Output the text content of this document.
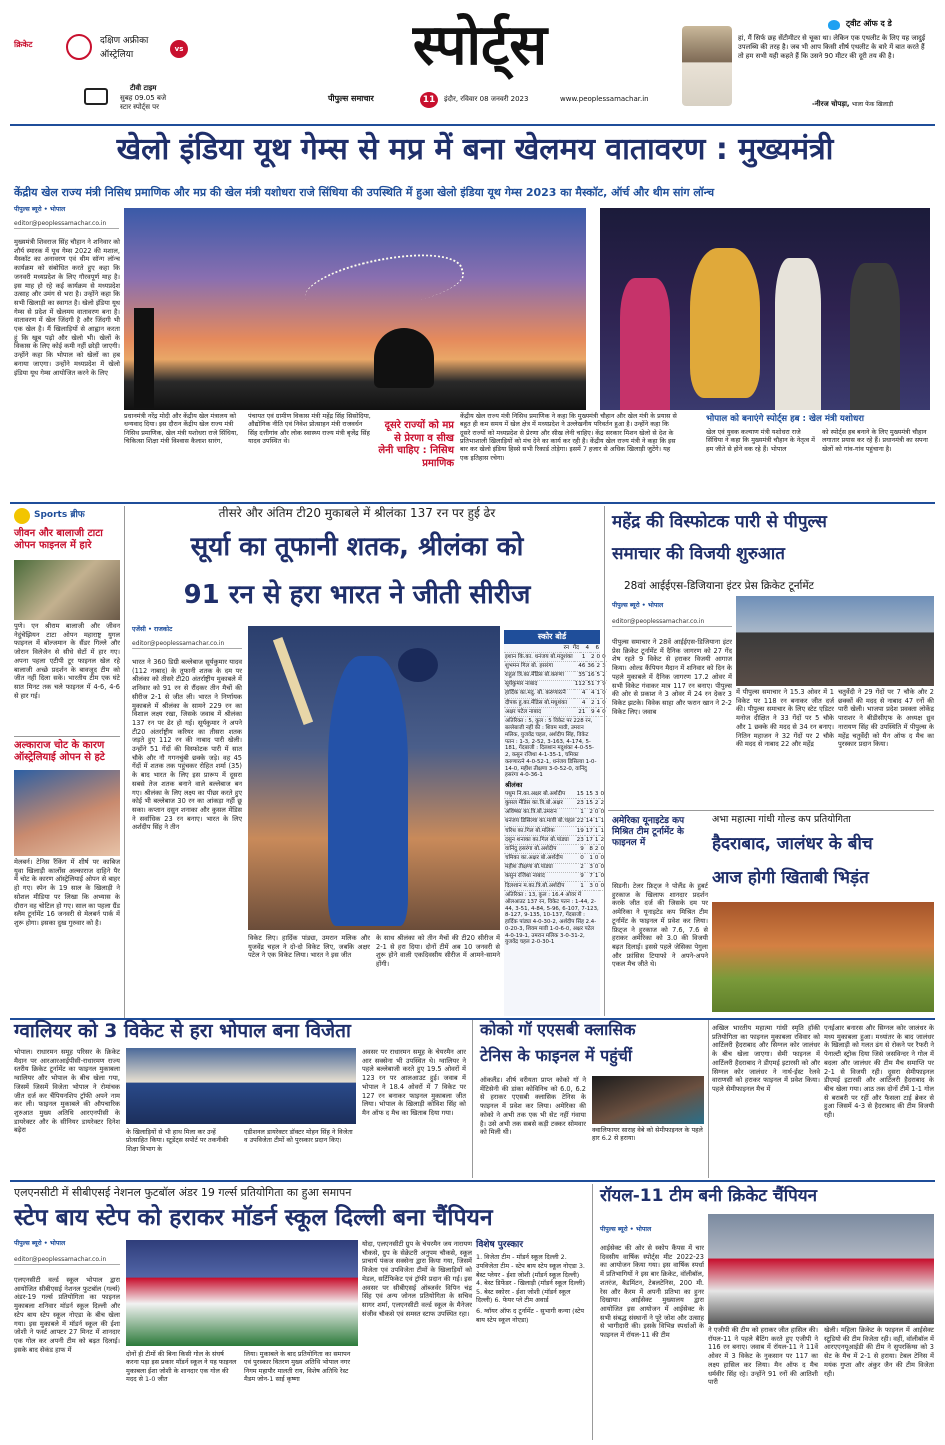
क्रिकेट	दक्षिण अफ्रीका
ऑस्ट्रेलिया
vs
टीवी टाइम
सुबह 09.05 बजे
स्टार स्पोर्ट्स पर
स्पोर्ट्स
पीपुल्स समाचार	11	इंदौर, रविवार 08 जनवरी 2023	www.peoplessamachar.in
ट्वीट ऑफ द डे
हां, मैं सिर्फ छह सेंटीमीटर से चूका था। लेकिन एक एथलीट के लिए यह जादुई उपलब्धि की तरह है। जब भी आप किसी शीर्ष एथलीट के बारे में बात करते हैं तो हम सभी यही कहते हैं कि उसने 90 मीटर की दूरी तय की है।
-नीरज चोपड़ा, भाला फेंक खिलाड़ी
खेलो इंडिया यूथ गेम्स से मप्र में बना खेलमय वातावरण : मुख्यमंत्री
केंद्रीय खेल राज्य मंत्री निसिथ प्रमाणिक और मप्र की खेल मंत्री यशोधरा राजे सिंधिया की उपस्थिति में हुआ खेलो इंडिया यूथ गेम्स 2023 का मैस्कॉट, ऑर्च और थीम सांग लॉन्च
पीपुल्स ब्यूरो • भोपाल
editor@peoplessamachar.co.in
मुख्यमंत्री शिवराज सिंह चौहान ने शनिवार को शौर्य स्मारक में यूथ गेम्स 2022 की मशाल, मैस्कॉट का अनावरण एवं थीम सॉन्ग लॉन्च कार्यक्रम को संबोधित करते हुए कहा कि जनवरी मध्यप्रदेश के लिए गौरवपूर्ण माह है। इस माह हो रहे कई कार्यक्रम से मध्यप्रदेश उत्साह और उमंग से भरा है। उन्होंने कहा कि सभी खिलाड़ी का स्वागत है। खेलो इंडिया यूथ गेम्स से प्रदेश में खेलमय वातावरण बना है। वातावरण में खेल जिंदगी है और जिंदगी भी एक खेल है। मैं खिलाड़ियों से आह्वान करता हूं कि खूब पढ़ो और खेलो भी। खेलों के विकास के लिए कोई कमी नहीं छोड़ी जाएगी। उन्होंने कहा कि भोपाल को खेलों का हब बनाया जाएगा। उन्होंने मध्यप्रदेश में खेलो इंडिया यूथ गेम्स आयोजित करने के लिए
प्रधानमंत्री नरेंद्र मोदी और केंद्रीय खेल मंत्रालय को धन्यवाद दिया। इस दौरान केंद्रीय खेल राज्य मंत्री निसिथ प्रमाणिक, खेल मंत्री यशोधरा राजे सिंधिया, चिकित्सा शिक्षा मंत्री विश्वास कैलाश सारंग,
पंचायत एवं ग्रामीण विकास मंत्री महेंद्र सिंह सिसोदिया, औद्योगिक नीति एवं निवेश प्रोत्साहन मंत्री राजवर्धन सिंह दत्तीगांव और लोक स्वास्थ्य राज्य मंत्री बृजेंद्र सिंह यादव उपस्थित थे।
दूसरे राज्यों को मप्र से प्रेरणा व सीख लेनी चाहिए : निसिथ प्रमाणिक
केंद्रीय खेल राज्य मंत्री निसिथ प्रमाणिक ने कहा कि मुख्यमंत्री चौहान और खेल मंत्री के प्रयास से बहुत ही कम समय में खेल क्षेत्र में मध्यप्रदेश ने उल्लेखनीय परिवर्तन हुआ है। उन्होंने कहा कि दूसरे राज्यों को मध्यप्रदेश से प्रेरणा और सीख लेनी चाहिए। केंद्र सरकार मिशन खेलो से देश के प्रतिभाशाली खिलाड़ियों को मंच देने का कार्य कर रही है। केंद्रीय खेल राज्य मंत्री ने कहा कि इस बार कर खेलो इंडिया हिस्से सभी रिकार्ड तोड़ेगा। इसमें 7 हजार से अधिक खिलाड़ी जुटेंगे। यह एक इतिहास रचेगा।
भोपाल को बनाएंगे स्पोर्ट्स हब : खेल मंत्री यशोधरा
खेल एवं युवक कल्याण मंत्री यशोधरा राजे सिंधिया ने कहा कि मुख्यमंत्री चौहान के नेतृत्व में हम जीते से होने वक रहे हैं। भोपाल
को स्पोर्ट्स हब बनाने के लिए मुख्यमंत्री चौहान लगातार प्रयास कर रहे हैं। प्रधानमंत्री का सपना खेलों को गांव-गांव पहुंचाना है।
Sports ब्रीफ
जीवन और बालाजी टाटा ओपन फाइनल में हारे
पुणे। एन श्रीराम बालाजी और जीवन नेदुंचेझियन टाटा ओपन महाराष्ट्र युगल फाइनल में बोल्जमान के सैंडर गिल्ले और जोरान विलेजेन से सीधे सेटों में हार गए। अपना पहला एटीपी टूर फाइनल खेल रहे बालाजी अच्छे प्रदर्शन के बावजूद टीम को जीत नहीं दिला सके। भारतीय टीम एक घंटे सात मिनट तक चले फाइनल में 4-6, 4-6 से हार गई।
अल्काराज चोट के कारण ऑस्ट्रेलियाई ओपन से हटे
मेलबर्न। टेनिस रैंकिंग में शीर्ष पर काबिज युवा खिलाड़ी कार्लोस अल्काराज दाहिने पैर में चोट के कारण ऑस्ट्रेलियाई ओपन से बाहर हो गए। स्पेन के 19 साल के खिलाड़ी ने सोशल मीडिया पर लिखा कि अभ्यास के दौरान वह चोटिल हो गए। साल का पहला ग्रैंड स्लैम टूर्नामेंट 16 जनवरी से मेलबर्न पार्क में शुरू होगा। इसका दुख गुरुवार को है।
तीसरे और अंतिम टी20 मुकाबले में श्रीलंका 137 रन पर हुई ढेर
सूर्या का तूफानी शतक, श्रीलंका को
91 रन से हरा भारत ने जीती सीरीज
एजेंसी • राजकोट
editor@peoplessamachar.co.in
भारत ने 360 डिग्री बल्लेबाज सूर्यकुमार यादव (112 नाबाद) के तूफानी शतक के दम पर श्रीलंका को तीसरे टी20 अंतर्राष्ट्रीय मुकाबले में शनिवार को 91 रन से रौंदकर तीन मैचों की सीरीज 2-1 से जीत ली। भारत ने निर्णायक मुकाबले में श्रीलंका के सामने 229 रन का विशाल लक्ष्य रखा, जिसके जवाब में श्रीलंका 137 रन पर ढेर हो गई। सूर्यकुमार ने अपने टी20 अंतर्राष्ट्रीय करियर का तीसरा शतक जड़ते हुए 112 रन की नाबाद पारी खेली। उन्होंने 51 गेंदों की विस्फोटक पारी में सात चौके और नौ गगनचुंबी छक्के जड़े। वह 45 गेंदों में शतक तक पहुंचकर रोहित शर्मा (35) के बाद भारत के लिए इस प्रारूप में दूसरा सबसे तेज शतक बनाने वाले बल्लेबाज बन गए। श्रीलंका के लिए लक्ष्य का पीछा करते हुए कोई भी बल्लेबाज 30 रन का आंकड़ा नहीं छू सका। कप्तान दसुन शनाका और कुसल मेंडिस ने सर्वाधिक 23 रन बनाए। भारत के लिए अर्शदीप सिंह ने तीन
विकेट लिए। हार्दिक पांड्या, उमरान मलिक और युजवेंद्र चहल ने दो-दो विकेट लिए, जबकि अक्षर पटेल ने एक विकेट लिया। भारत ने इस जीत
के साथ श्रीलंका को तीन मैचों की टी20 सीरीज में 2-1 से हरा दिया। दोनों टीमें अब 10 जनवरी से शुरू होने वाली एकदिवसीय सीरीज में आमने-सामने होंगी।
स्कोर बोर्ड
	रन	गेंद	4	6
इशान कि.का. धनंजय बो.मदुशंका	1	2	0	
शुभमन गिल बो. हसरंगा	46	36	2	
राहुल त्रि.का.मेंडिस बो.करुणा	35	16	5	
सूर्यकुमार नाबाद	112	51	7	
हार्दिक का.मदु. बो. करुणारत्ने	4	4	1	
दीपक हु.का.मेंडिस बो.मधुशंका	4	2	1	
अक्षर पटेल नाबाद	21	9	4	
अतिरिक्त : 5, कुल : 5 विकेट पर 228 रन, बल्लेबाजी नहीं की : शिवम मावी, उमरान मलिक, युजवेंद्र चहल, अर्शदीप सिंह, विकेट पतन : 1-3, 2-52, 3-163, 4-174, 5-181, गेंदबाजी : दिलशान मदुशंका 4-0-55-2, कसुन रजिथा 4-1-35-1, चमिका करुणारत्ने 4-0-52-1, धनंजय डिसिल्वा 1-0-14-0, महीश तीक्षणा 3-0-52-0, वानिंदु हसरंगा 4-0-36-1
श्रीलंका
पथुम नि.का.अक्षर बो.अर्शदीप	15	15	3	0
कुसल मेंडिस का.त्रि.बो.अक्षर	23	15	2	2
अविष्का का.त्रि.बो.उमरान	1	2	0	0
धनंजय डिसिल्वा का.मावी बो.चहल	22	14	1	1
चरिथ का.गिल बो.मलिक	19	17	1	1
दसुन शनाका का.गिल बो.पांड्या	23	17	1	2
वानिंदु हसरंगा बो.अर्शदीप	9	8	2	0
चमिका का.अक्षर बो.अर्शदीप	0	1	0	0
महीश तीक्षणा बो.पांड्या	2	3	0	0
कसुन रजिथा नाबाद	9	7	1	0
दिलशान म.का.त्रि.बो.अर्शदीप	1	3	0	0
अतिरिक्त : 13, कुल : 16.4 ओवर में ऑलआउट 137 रन, विकेट पतन : 1-44, 2-44, 3-51, 4-84, 5-96, 6-107, 7-123, 8-127, 9-135, 10-137, गेंदबाजी : हार्दिक पांड्या 4-0-30-2, अर्शदीप सिंह 2.4-0-20-3, शिवम मावी 1-0-6-0, अक्षर पटेल 4-0-19-1, उमरान मलिक 3-0-31-2, युजवेंद्र चहल 2-0-30-1
महेंद्र की विस्फोटक पारी से पीपुल्स
समाचार की विजयी शुरुआत
28वां आईईएस-डिजियाना इंटर प्रेस क्रिकेट टूर्नामेंट
पीपुल्स ब्यूरो • भोपाल
editor@peoplessamachar.co.in
पीपुल्स समाचार ने 28वें आईईएस-डिजियाना इंटर प्रेस क्रिकेट टूर्नामेंट में दैनिक जागरण को 27 गेंद शेष रहते 9 विकेट से हराकर विजयी आगाज किया। ओल्ड कैंपियन मैदान में शनिवार को दिन के पहले मुकाबले में दैनिक जागरण 17.2 ओवर में सभी विकेट गंवाकर मात्र 117 रन बनाए। पीपुल्स की ओर से प्रकाश ने 3 ओवर में 24 रन देकर 3 विकेट झटके। विवेक साहा और फरान खान ने 2-2 विकेट लिए। जवाब
में पीपुल्स समाचार ने 15.3 ओवर में 1 विकेट पर 118 रन बनाकर जीत दर्ज की। पीपुल्स समाचार के लिए स्टेट एडिटर मनोज दीक्षित ने 33 गेंदों पर 5 चौके और 1 छक्के की मदद से 34 रन बनाए। नितिन महाजन ने 32 गेंदों पर 2 चौके की मदद से नाबाद 22 और महेंद्र
चतुर्वेदी ने 29 गेंदों पर 7 चौके और 2 छक्कों की मदद से नाबाद 47 रनों की पारी खेली। भाजपा प्रदेश प्रवक्ता लोकेंद्र पाराशर ने बीडीसीएफ के अध्यक्ष ध्रुव नारायण सिंह की उपस्थिति में पीपुल्स के महेंद्र चतुर्वेदी को मैन ऑफ द मैच का पुरस्कार प्रदान किया।
अमेरिका यूनाइटेड कप मिश्रित टीम टूर्नामेंट के फाइनल में
सिडनी। टेलर फ्रिट्ज ने पोलैंड के हुबर्ट हुरकाज के खिलाफ शानदार प्रदर्शन करके जीत दर्ज की जिसके दम पर अमेरिका ने यूनाइटेड कप मिश्रित टीम टूर्नामेंट के फाइनल में प्रवेश कर लिया। फ्रिट्ज ने हुरकाज को 7.6, 7.6 से हराकर अमेरिका को 3.0 की विजयी बढ़त दिलाई। इससे पहले जेसिका पेगुला और फ्रांसिस टियाफो ने अपने-अपने एकल मैच जीते थे।
अभा महात्मा गांधी गोल्ड कप प्रतियोगिता
हैदराबाद, जालंधर के बीच
आज होगी खिताबी भिड़ंत
ग्वालियर को 3 विकेट से हरा भोपाल बना विजेता
भोपाल। राधारमन समूह परिसर के क्रिकेट मैदान पर आरआरआईपीसी-राधारमण राज्य स्तरीय क्रिकेट टूर्नामेंट का फाइनल मुकाबला ग्वालियर और भोपाल के बीच खेला गया, जिसमें जिसमें विजेता भोपाल ने रोमांचक जीत दर्ज कर चैंपियनशिप ट्रॉफी अपने नाम कर ली। फाइनल मुकाबले की औपचारिक शुरुआत मुख्य अतिथि आरएनपीसी के डायरेक्टर और के सीनियर डायरेक्टर दिनेश बढ़ेरा	के खिलाड़ियों से भी हाथ मिला कर उन्हें प्रोत्साहित किया। स्टूडेंट्स सपोर्ट पर तकनीकी शिक्षा विभाग के
एडीशनल डायरेक्टर डॉक्टर मोहन सिंह ने विजेता व उपविजेता टीमों को पुरस्कार प्रदान किए।
अवसर पर राधारमन समूह के चेयरमैन आर आर सक्सेना भी उपस्थित थे। ग्वालियर ने पहले बल्लेबाजी करते हुए 19.5 ओवरों में 123 रन पर आलआउट हुई। जवाब में भोपाल ने 18.4 ओवरों में 7 विकेट पर 127 रन बनाकर फाइनल मुकाबला जीत लिया। भोपाल के खिलाड़ी कोविश सिंह को मैन ऑफ द मैच का खिताब दिया गया।
कोको गॉ एएसबी क्लासिक
टेनिस के फाइनल में पहुंचीं
ऑकलैंड। शीर्ष वरीयता प्राप्त कोको गॉ ने मेंटिसेनी की डांका कोविनिच को 6.0, 6.2 से हराकर एएसबी क्लासिक टेनिस के फाइनल में प्रवेश कर लिया। अमेरिका की कोको ने अभी तक एक भी सेट नहीं गंवाया है। उसे अभी तक सबसे कड़ी टक्कर सोमवार को मिली थी।	क्वालिफायर साराह वेबे को सेमीफाइनल के पहले हार 6.2 से हराया।
अखिल भारतीय महात्मा गांधी स्मृति हॉकी प्रतियोगिता का फाइनल मुकाबला रविवार को आर्टिलरी हैदराबाद और सिग्नल कोर जालंधर के बीच खेला जाएगा। सेमी फाइनल में आर्टिलरी हैदराबाद ने डीएमई इटारसी को और सिग्नल कोर जालंधर ने नार्थ-ईस्ट रेलवे वाराणसी को हराकर फाइनल में प्रवेश किया। पहले सेमीफाइनल मैच में
एनईआर बनारस और सिग्नल कोर जालंधर के मध्य मुकाबला हुआ। मध्यांतर के बाद जालंधर के खिलाड़ी को गलत ढंग से रोकने पर रैफरी ने पेनाल्टी स्ट्रोक दिया जिसे जसविन्दर ने गोल में बदला और जालंधर की टीम मैच समाप्ति पर 2-1 से विजयी रही। दूसरा सेमीफाइनल डीएमई इटारसी और आर्टिलरी हैदराबाद के बीच खेला गया। आठ तक दोनों टीमें 1-1 गोल से बराबरी पर रहीं और फैसला टाई ब्रेकर से हुआ जिसमें 4-3 से हैदराबाद की टीम विजयी रही।
एलएनसीटी में सीबीएसई नेशनल फुटबॉल अंडर 19 गर्ल्स प्रतियोगिता का हुआ समापन
स्टेप बाय स्टेप को हराकर मॉडर्न स्कूल दिल्ली बना चैंपियन
पीपुल्स ब्यूरो • भोपाल
editor@peoplessamachar.co.in
एलएनसीटी वर्ल्ड स्कूल भोपाल द्वारा आयोजित सीबीएसई नेशनल फुटबॉल (गर्ल्स) अंडर-19 गर्ल्स प्रतियोगिता का फाइनल मुकाबला शनिवार मॉडर्न स्कूल दिल्ली और स्टेप बाय स्टेप स्कूल नोएडा के बीच खेला गया। इस मुकाबले में मॉडर्न स्कूल की ईशा जोशी ने फर्स्ट आफ्टर 27 मिनट में शानदार एक गोल कर अपनी टीम को बढ़त दिलाई। इसके बाद सेकंड हाफ में
दोनों ही टीमों की बिना किसी गोल के संघर्ष करना पड़ा इस प्रकार मॉडर्न स्कूल ने यह फाइनल मुकाबला ईशा जोशी के शानदार एक गोल की मदद से 1-0 जीत
लिया। मुकाबले के बाद प्रतियोगिता का समापन एवं पुरस्कार वितरण मुख्य अतिथि भोपाल नगर निगम महापौर मालती राय, विशेष अतिथि रेस्ट मैडम जोन-1 साई कृष्णा
योदा, एलएनसीटी ग्रुप के चेयरमैन जय नारायण चौकसे, ग्रुप के सेक्रेटरी अनुपम चौकसे, स्कूल प्राचार्य पंकज सक्सेना द्वारा किया गया, जिसमें विजेता एवं उपविजेता टीमों के खिलाड़ियों को मेडल, सर्टिफिकेट एवं ट्रॉफी प्रदान की गई। इस अवसर पर सीबीएसई ऑब्जर्वर विपिन चंद्र सिंह एवं अन्य जोनल प्रतियोगिता के सचिव सागर शर्मा, एलएनसीटी वर्ल्ड स्कूल के मैनेजर संजीव चौकसे एवं समस्त स्टाफ उपस्थित रहा।
विशेष पुरस्कार
1. विजेता टीम - मॉडर्न स्कूल दिल्ली 2. उपविजेता टीम - स्टेप बाय स्टेप स्कूल नोएडा 3. बेस्ट प्लेयर - ईशा जोशी (मॉडर्न स्कूल दिल्ली) 4. बेस्ट डिफेंडर - खिलाड़ी (मॉडर्न स्कूल दिल्ली) 5. बेस्ट स्कोरर - ईशा जोशी (मॉडर्न स्कूल दिल्ली) 6. फेयर प्ले टीम अवार्ड
6. ग्वॉयर ऑफ द टूर्नामेंट - सुभागी कन्या (स्टेप बाय स्टेप स्कूल नोएडा)
रॉयल-11 टीम बनी क्रिकेट चैंपियन
पीपुल्स ब्यूरो • भोपाल
आईसेक्ट की ओर से स्कोप कैंपस में चार दिवसीय वार्षिक स्पोर्ट्स मीट 2022-23 का आयोजन किया गया। इस वार्षिक स्पर्धा में प्रतिभागियों ने इस बार क्रिकेट, वॉलीबॉल, शतरंज, बैडमिंटन, टेबलटेनिस, 200 मी. रेस और कैरम में अपनी प्रतिभा का हुनर दिखाया। आईसेक्ट मुख्यालय द्वारा आयोजित इस आयोजन में आईसेक्ट के सभी संबद्ध संस्थानों ने पूरे जोश और उत्साह से भागीदारी की। इसके विभिन्न स्पर्धाओं के फाइनल में रॉयल-11 की टीम
ने एजीपी की टीम को हराकर जीत हासिल की। रॉयल-11 ने पहले बैटिंग करते हुए एजीपी ने 116 रन बनाए। जवाब में रॉयल-11 ने 11वें ओवर में 3 विकेट के नुकसान पर 117 का लक्ष्य हासिल कर लिया। मैन ऑफ द मैच धर्मवीर सिंह रहे। उन्होंने 91 रनों की आतिशी पारी
खेली। महिला क्रिकेट के फाइनल में आईसेक्ट स्टूडियो की टीम विजेता रही। वहीं, वॉलीबॉल में आरएएनयूआईडी की टीम ने सुपरकिंग्स को 3 सेट के मैच में 2-1 से हराया। टेबल टेनिस में मयंक गुप्ता और अंकुर जैन की टीम विजेता रही।
